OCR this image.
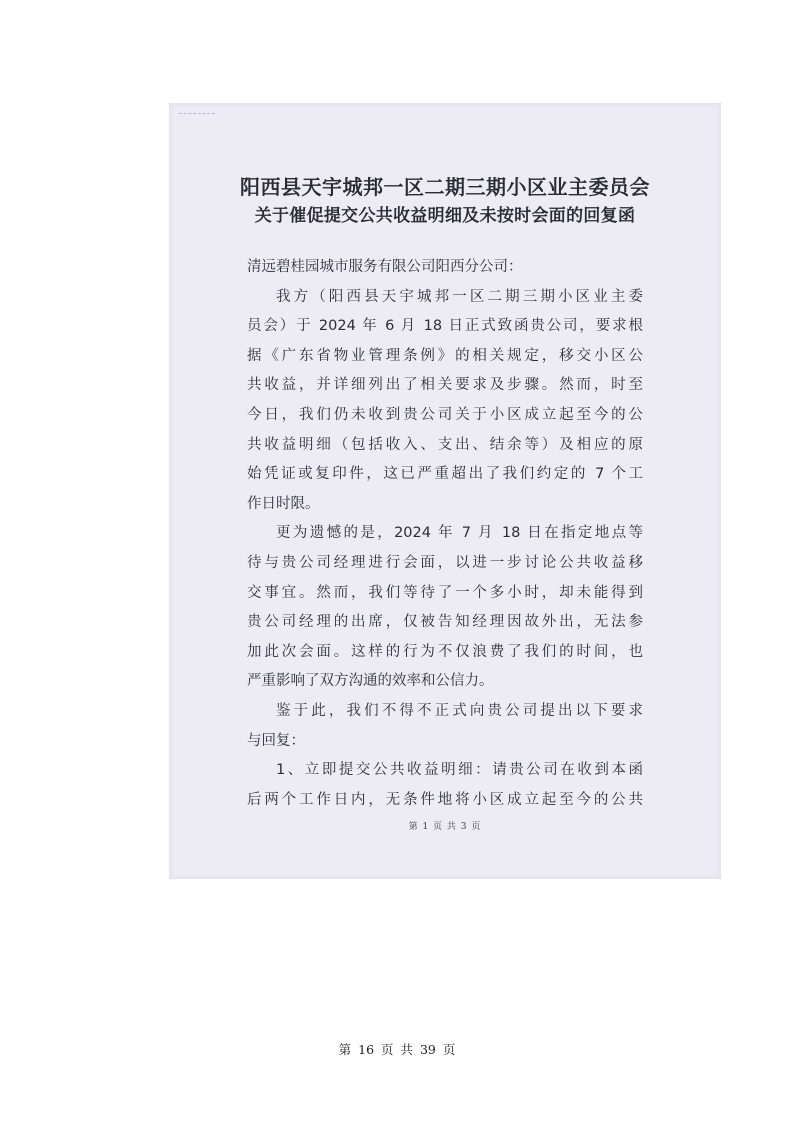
阳西县天宇城邦一区二期三期小区业主委员会
关于催促提交公共收益明细及未按时会面的回复函
清远碧桂园城市服务有限公司阳西分公司：
我方（阳西县天宇城邦一区二期三期小区业主委
员会）于 2024 年 6 月 18 日正式致函贵公司，要求根
据《广东省物业管理条例》的相关规定，移交小区公
共收益，并详细列出了相关要求及步骤。然而，时至
今日，我们仍未收到贵公司关于小区成立起至今的公
共收益明细（包括收入、支出、结余等）及相应的原
始凭证或复印件，这已严重超出了我们约定的 7 个工
作日时限。
更为遗憾的是，2024 年 7 月 18 日在指定地点等
待与贵公司经理进行会面，以进一步讨论公共收益移
交事宜。然而，我们等待了一个多小时，却未能得到
贵公司经理的出席，仅被告知经理因故外出，无法参
加此次会面。这样的行为不仅浪费了我们的时间，也
严重影响了双方沟通的效率和公信力。
鉴于此，我们不得不正式向贵公司提出以下要求
与回复：
1、立即提交公共收益明细：请贵公司在收到本函
后两个工作日内，无条件地将小区成立起至今的公共
第 1 页 共 3 页
第 16 页 共 39 页
